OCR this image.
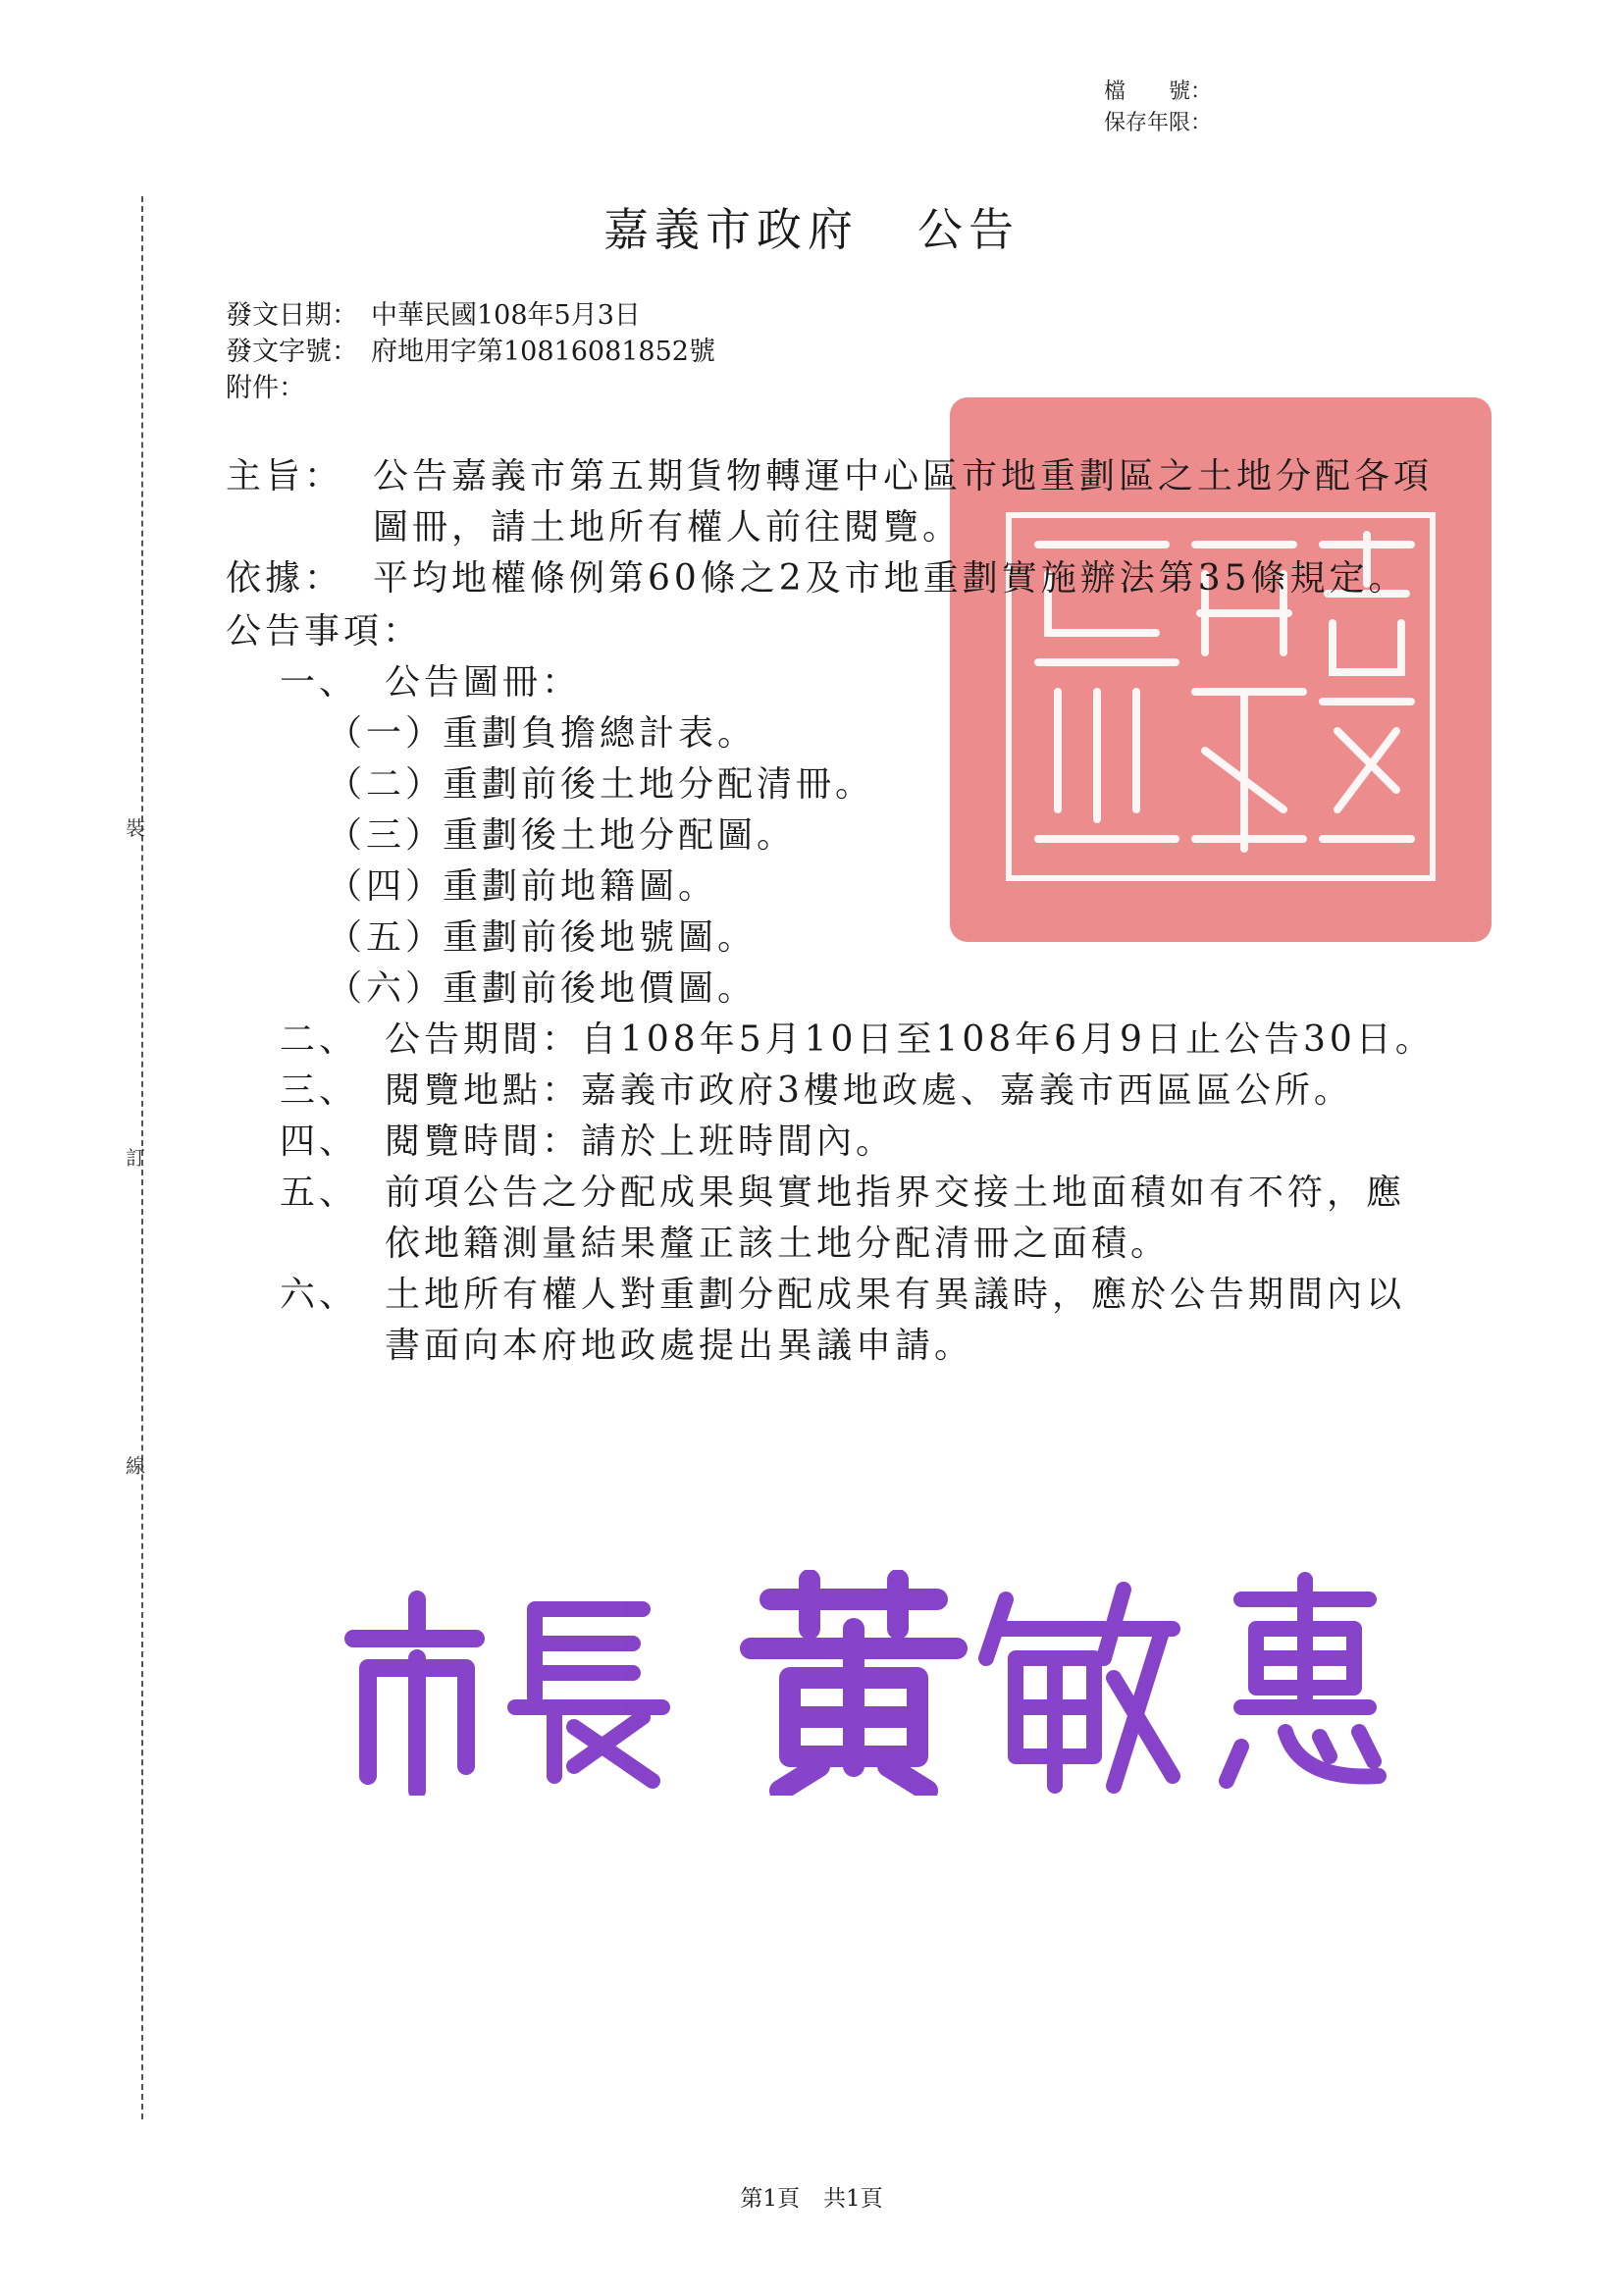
檔　　號：
保存年限：
裝
訂
線
嘉義市政府 公告
發文日期： 中華民國108年5月3日
發文字號： 府地用字第10816081852號
附件：
主旨： 公告嘉義市第五期貨物轉運中心區市地重劃區之土地分配各項圖冊，請土地所有權人前往閱覽。
依據： 平均地權條例第60條之2及市地重劃實施辦法第35條規定。
公告事項：
一、 公告圖冊：
（一）
重劃負擔總計表。
（二）
重劃前後土地分配清冊。
（三）
重劃後土地分配圖。
（四）
重劃前地籍圖。
（五）
重劃前後地號圖。
（六）
重劃前後地價圖。
二、 公告期間：自108年5月10日至108年6月9日止公告30日。
三、 閱覽地點：嘉義市政府3樓地政處、嘉義市西區區公所。
四、 閱覽時間：請於上班時間內。
五、 前項公告之分配成果與實地指界交接土地面積如有不符，應依地籍測量結果釐正該土地分配清冊之面積。
六、 土地所有權人對重劃分配成果有異議時，應於公告期間內以書面向本府地政處提出異議申請。
第1頁 共1頁
